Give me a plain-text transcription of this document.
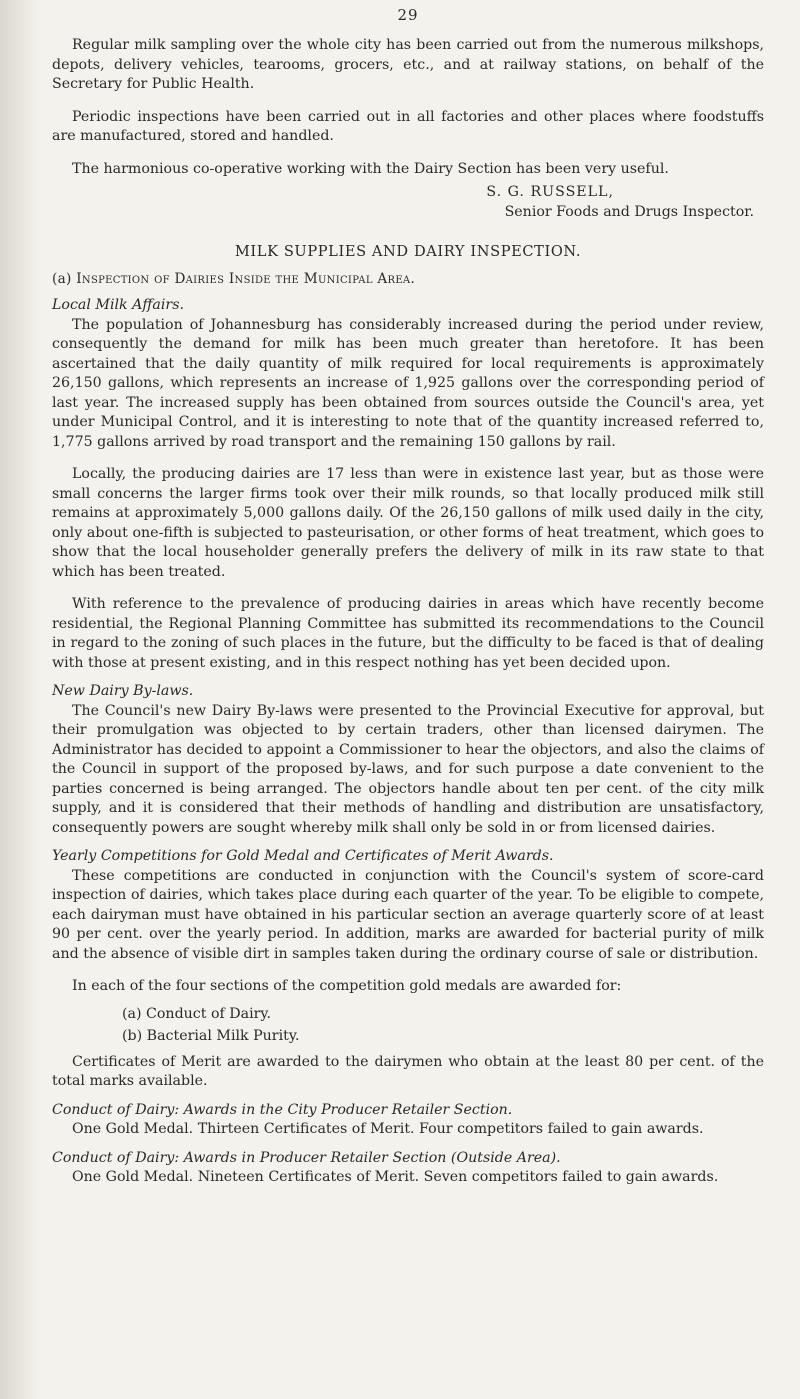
29

Regular milk sampling over the whole city has been carried out from the numerous milkshops, depots, delivery vehicles, tearooms, grocers, etc., and at railway stations, on behalf of the Secretary for Public Health.

Periodic inspections have been carried out in all factories and other places where foodstuffs are manufactured, stored and handled.

The harmonious co-operative working with the Dairy Section has been very useful.

S. G. RUSSELL,
Senior Foods and Drugs Inspector.
MILK SUPPLIES AND DAIRY INSPECTION.
(a) Inspection of Dairies Inside the Municipal Area.
Local Milk Affairs.

The population of Johannesburg has considerably increased during the period under review, consequently the demand for milk has been much greater than heretofore. It has been ascertained that the daily quantity of milk required for local requirements is approximately 26,150 gallons, which represents an increase of 1,925 gallons over the corresponding period of last year. The increased supply has been obtained from sources outside the Council's area, yet under Municipal Control, and it is interesting to note that of the quantity increased referred to, 1,775 gallons arrived by road transport and the remaining 150 gallons by rail.

Locally, the producing dairies are 17 less than were in existence last year, but as those were small concerns the larger firms took over their milk rounds, so that locally produced milk still remains at approximately 5,000 gallons daily. Of the 26,150 gallons of milk used daily in the city, only about one-fifth is subjected to pasteurisation, or other forms of heat treatment, which goes to show that the local householder generally prefers the delivery of milk in its raw state to that which has been treated.

With reference to the prevalence of producing dairies in areas which have recently become residential, the Regional Planning Committee has submitted its recommendations to the Council in regard to the zoning of such places in the future, but the difficulty to be faced is that of dealing with those at present existing, and in this respect nothing has yet been decided upon.

New Dairy By-laws.

The Council's new Dairy By-laws were presented to the Provincial Executive for approval, but their promulgation was objected to by certain traders, other than licensed dairymen. The Administrator has decided to appoint a Commissioner to hear the objectors, and also the claims of the Council in support of the proposed by-laws, and for such purpose a date convenient to the parties concerned is being arranged. The objectors handle about ten per cent. of the city milk supply, and it is considered that their methods of handling and distribution are unsatisfactory, consequently powers are sought whereby milk shall only be sold in or from licensed dairies.

Yearly Competitions for Gold Medal and Certificates of Merit Awards.

These competitions are conducted in conjunction with the Council's system of score-card inspection of dairies, which takes place during each quarter of the year. To be eligible to compete, each dairyman must have obtained in his particular section an average quarterly score of at least 90 per cent. over the yearly period. In addition, marks are awarded for bacterial purity of milk and the absence of visible dirt in samples taken during the ordinary course of sale or distribution.

In each of the four sections of the competition gold medals are awarded for:

(a) Conduct of Dairy.
(b) Bacterial Milk Purity.

Certificates of Merit are awarded to the dairymen who obtain at the least 80 per cent. of the total marks available.

Conduct of Dairy: Awards in the City Producer Retailer Section.

One Gold Medal. Thirteen Certificates of Merit. Four competitors failed to gain awards.

Conduct of Dairy: Awards in Producer Retailer Section (Outside Area).

One Gold Medal. Nineteen Certificates of Merit. Seven competitors failed to gain awards.
